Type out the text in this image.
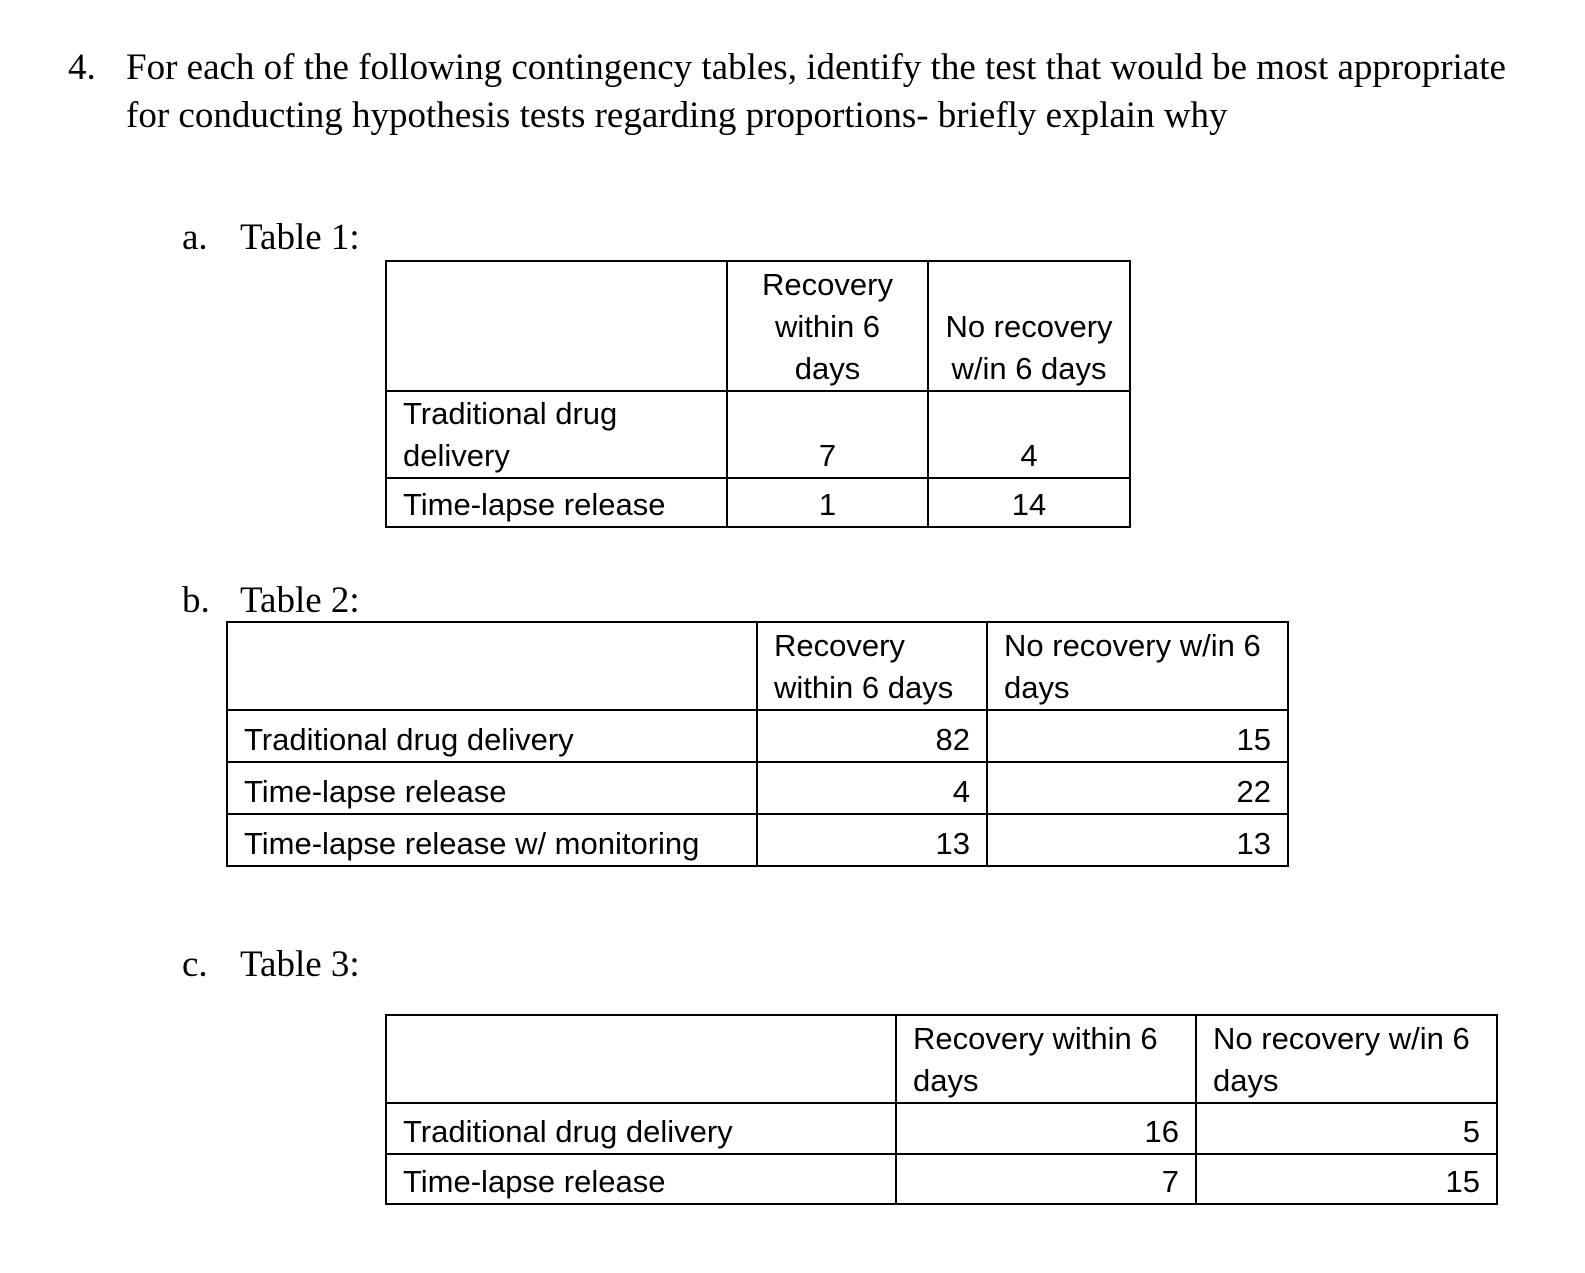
4. For each of the following contingency tables, identify the test that would be most appropriate for conducting hypothesis tests regarding proportions- briefly explain why
a. Table 1:
	Recovery within 6 days	No recovery w/in 6 days
Traditional drug delivery	7	4
Time-lapse release	1	14
b. Table 2:
	Recovery within 6 days	No recovery w/in 6 days
Traditional drug delivery	82	15
Time-lapse release	4	22
Time-lapse release w/ monitoring	13	13
c. Table 3:
	Recovery within 6 days	No recovery w/in 6 days
Traditional drug delivery	16	5
Time-lapse release	7	15
